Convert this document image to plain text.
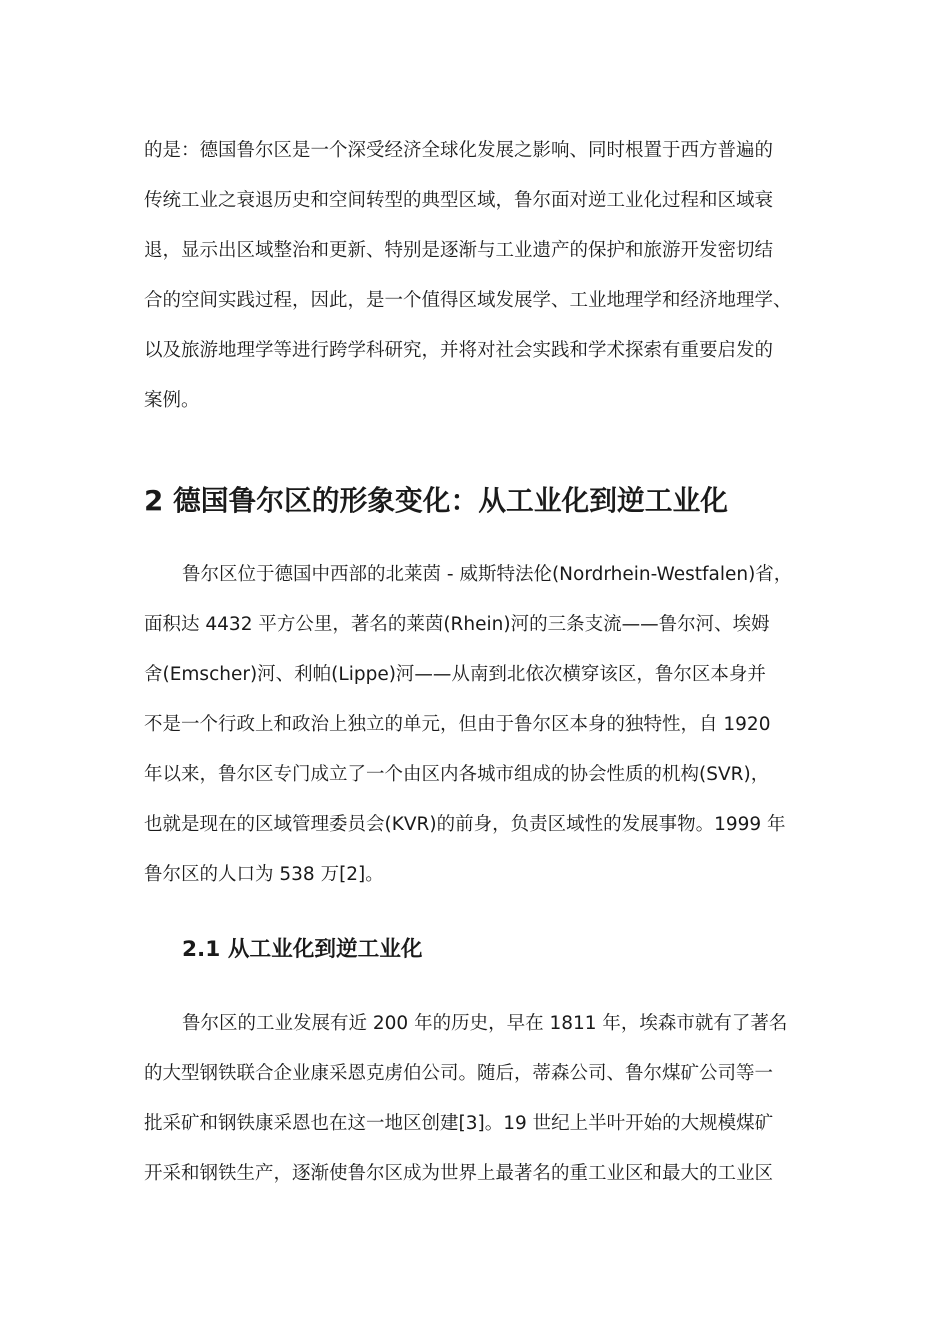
的是：德国鲁尔区是一个深受经济全球化发展之影响、同时根置于西方普遍的
传统工业之衰退历史和空间转型的典型区域，鲁尔面对逆工业化过程和区域衰
退，显示出区域整治和更新、特别是逐渐与工业遗产的保护和旅游开发密切结
合的空间实践过程，因此，是一个值得区域发展学、工业地理学和经济地理学、
以及旅游地理学等进行跨学科研究，并将对社会实践和学术探索有重要启发的
案例。

2 德国鲁尔区的形象变化：从工业化到逆工业化

鲁尔区位于德国中西部的北莱茵 - 威斯特法伦(Nordrhein-Westfalen)省，
面积达 4432 平方公里，著名的莱茵(Rhein)河的三条支流——鲁尔河、埃姆
舍(Emscher)河、利帕(Lippe)河——从南到北依次横穿该区，鲁尔区本身并
不是一个行政上和政治上独立的单元，但由于鲁尔区本身的独特性，自 1920
年以来，鲁尔区专门成立了一个由区内各城市组成的协会性质的机构(SVR)，
也就是现在的区域管理委员会(KVR)的前身，负责区域性的发展事物。1999 年
鲁尔区的人口为 538 万[2]。

2.1 从工业化到逆工业化

鲁尔区的工业发展有近 200 年的历史，早在 1811 年，埃森市就有了著名
的大型钢铁联合企业康采恩克虏伯公司。随后，蒂森公司、鲁尔煤矿公司等一
批采矿和钢铁康采恩也在这一地区创建[3]。19 世纪上半叶开始的大规模煤矿
开采和钢铁生产，逐渐使鲁尔区成为世界上最著名的重工业区和最大的工业区
